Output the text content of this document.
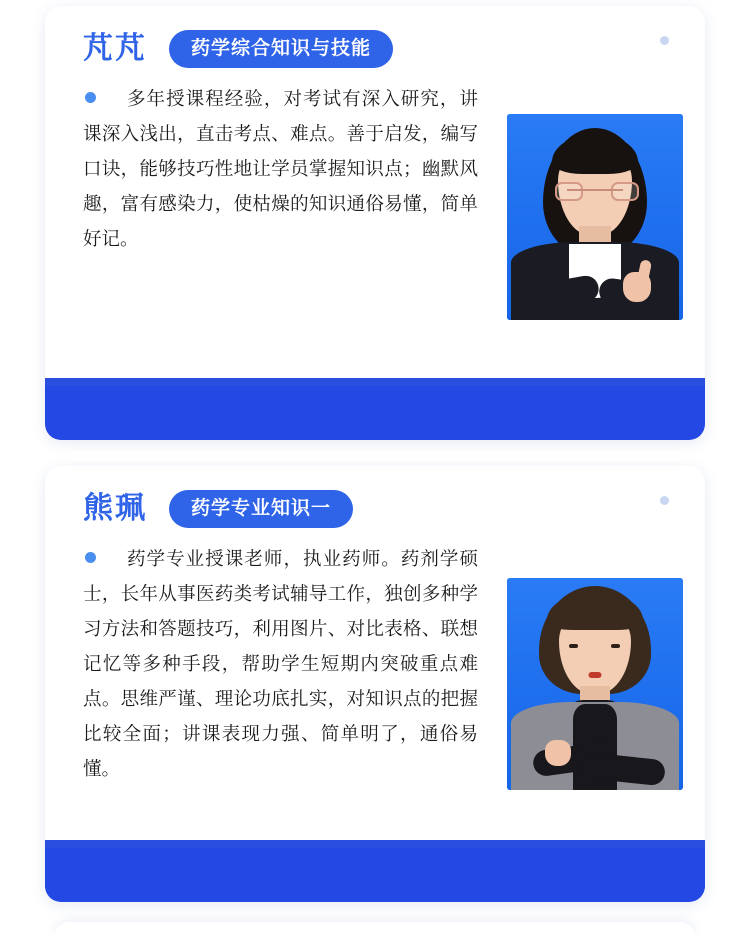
芃芃	药学综合知识与技能
多年授课程经验，对考试有深入研究，讲课深入浅出，直击考点、难点。善于启发，编写口诀，能够技巧性地让学员掌握知识点；幽默风趣，富有感染力，使枯燥的知识通俗易懂，简单好记。
熊珮	药学专业知识一
药学专业授课老师，执业药师。药剂学硕士，长年从事医药类考试辅导工作，独创多种学习方法和答题技巧，利用图片、对比表格、联想记忆等多种手段，帮助学生短期内突破重点难点。思维严谨、理论功底扎实，对知识点的把握比较全面；讲课表现力强、简单明了，通俗易懂。
